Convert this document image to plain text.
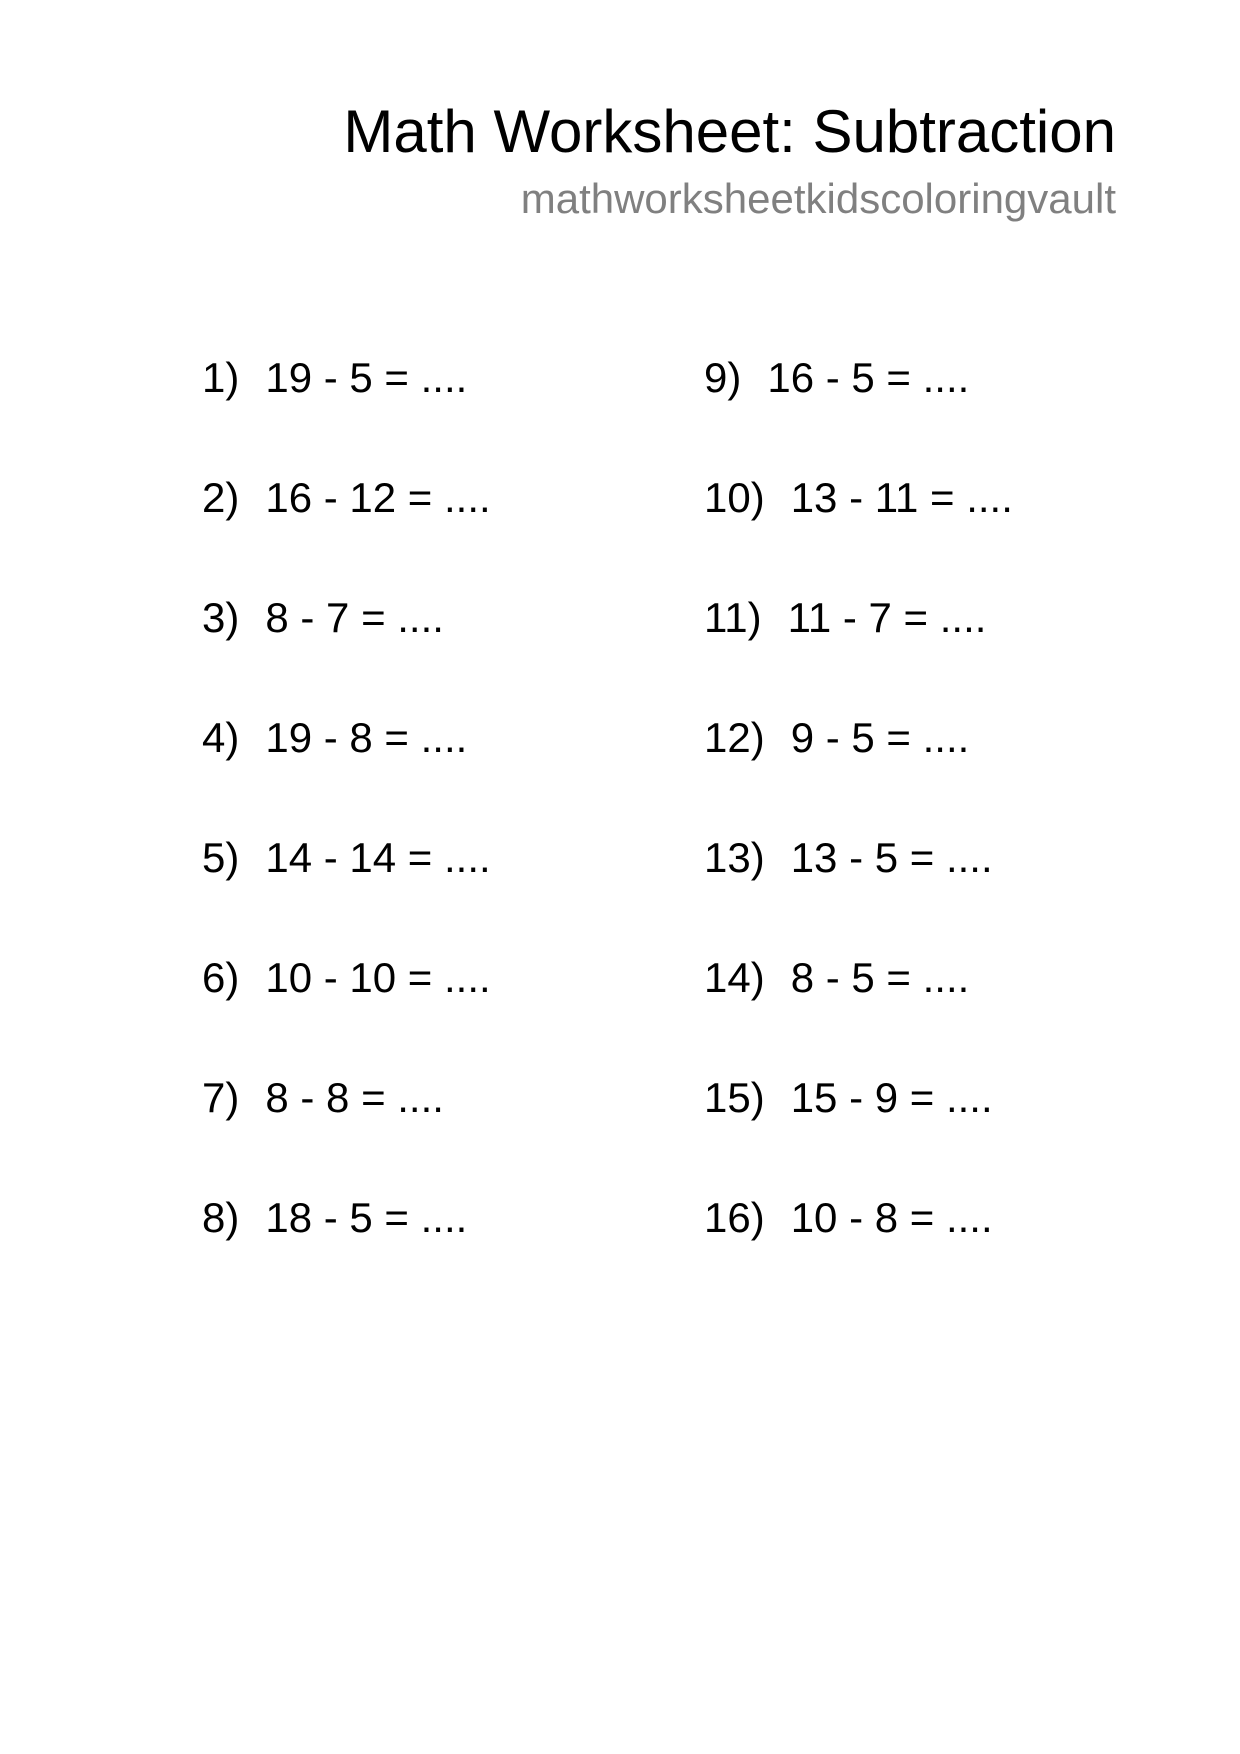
Math Worksheet: Subtraction
mathworksheetkidscoloringvault
1) 19 - 5 = ....
2) 16 - 12 = ....
3) 8 - 7 = ....
4) 19 - 8 = ....
5) 14 - 14 = ....
6) 10 - 10 = ....
7) 8 - 8 = ....
8) 18 - 5 = ....
9) 16 - 5 = ....
10) 13 - 11 = ....
11) 11 - 7 = ....
12) 9 - 5 = ....
13) 13 - 5 = ....
14) 8 - 5 = ....
15) 15 - 9 = ....
16) 10 - 8 = ....
